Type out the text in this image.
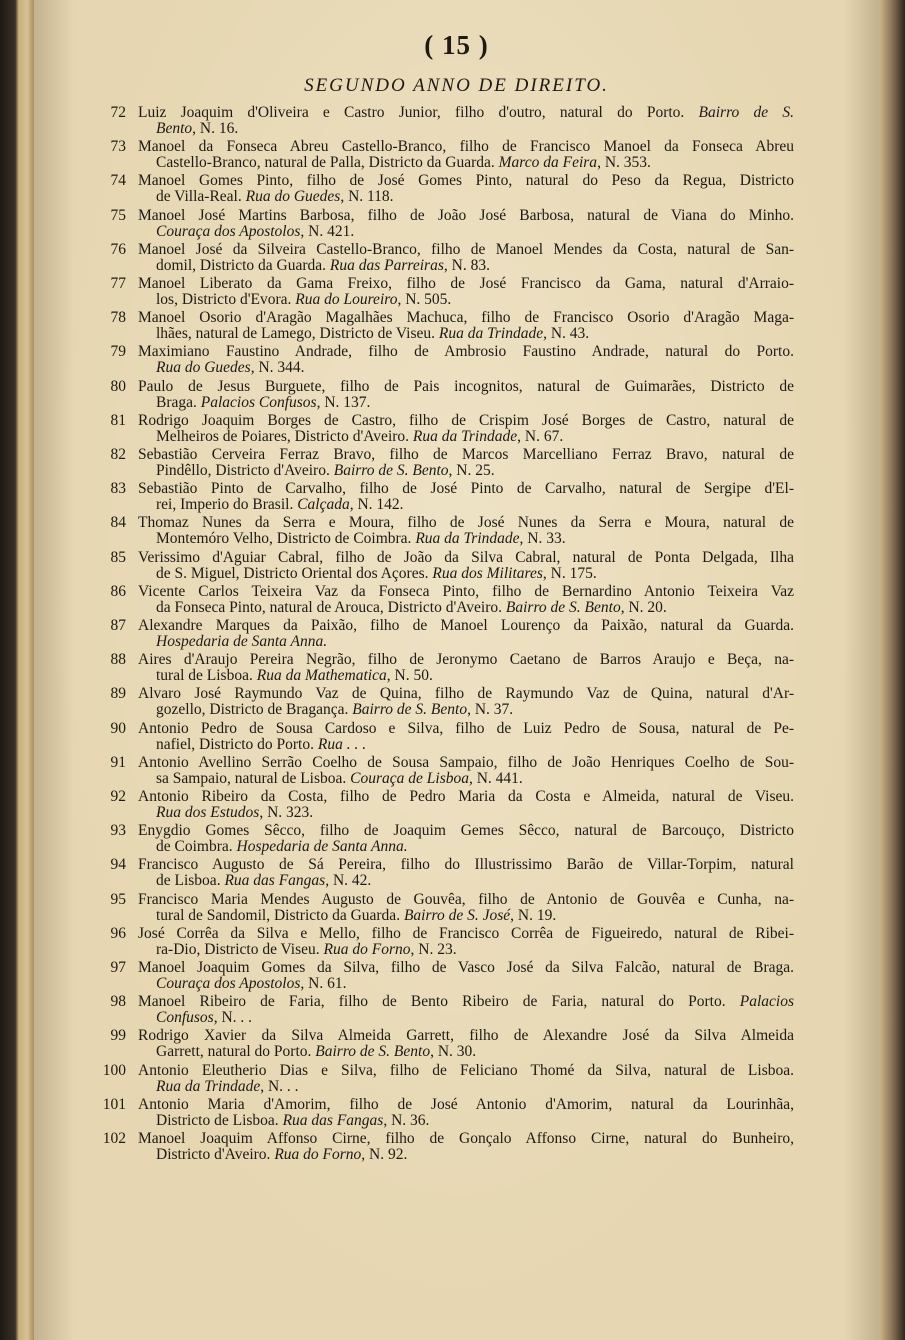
( 15 )
SEGUNDO ANNO DE DIREITO.
72 Luiz Joaquim d'Oliveira e Castro Junior, filho d'outro, natural do Porto. Bairro de S.
Bento, N. 16.
73 Manoel da Fonseca Abreu Castello-Branco, filho de Francisco Manoel da Fonseca Abreu
Castello-Branco, natural de Palla, Districto da Guarda. Marco da Feira, N. 353.
74 Manoel Gomes Pinto, filho de José Gomes Pinto, natural do Peso da Regua, Districto
de Villa-Real. Rua do Guedes, N. 118.
75 Manoel José Martins Barbosa, filho de João José Barbosa, natural de Viana do Minho.
Couraça dos Apostolos, N. 421.
76 Manoel José da Silveira Castello-Branco, filho de Manoel Mendes da Costa, natural de San-
domil, Districto da Guarda. Rua das Parreiras, N. 83.
77 Manoel Liberato da Gama Freixo, filho de José Francisco da Gama, natural d'Arraio-
los, Districto d'Evora. Rua do Loureiro, N. 505.
78 Manoel Osorio d'Aragão Magalhães Machuca, filho de Francisco Osorio d'Aragão Maga-
lhães, natural de Lamego, Districto de Viseu. Rua da Trindade, N. 43.
79 Maximiano Faustino Andrade, filho de Ambrosio Faustino Andrade, natural do Porto.
Rua do Guedes, N. 344.
80 Paulo de Jesus Burguete, filho de Pais incognitos, natural de Guimarães, Districto de
Braga. Palacios Confusos, N. 137.
81 Rodrigo Joaquim Borges de Castro, filho de Crispim José Borges de Castro, natural de
Melheiros de Poiares, Districto d'Aveiro. Rua da Trindade, N. 67.
82 Sebastião Cerveira Ferraz Bravo, filho de Marcos Marcelliano Ferraz Bravo, natural de
Pindêllo, Districto d'Aveiro. Bairro de S. Bento, N. 25.
83 Sebastião Pinto de Carvalho, filho de José Pinto de Carvalho, natural de Sergipe d'El-
rei, Imperio do Brasil. Calçada, N. 142.
84 Thomaz Nunes da Serra e Moura, filho de José Nunes da Serra e Moura, natural de
Montemóro Velho, Districto de Coimbra. Rua da Trindade, N. 33.
85 Verissimo d'Aguiar Cabral, filho de João da Silva Cabral, natural de Ponta Delgada, Ilha
de S. Miguel, Districto Oriental dos Açores. Rua dos Militares, N. 175.
86 Vicente Carlos Teixeira Vaz da Fonseca Pinto, filho de Bernardino Antonio Teixeira Vaz
da Fonseca Pinto, natural de Arouca, Districto d'Aveiro. Bairro de S. Bento, N. 20.
87 Alexandre Marques da Paixão, filho de Manoel Lourenço da Paixão, natural da Guarda.
Hospedaria de Santa Anna.
88 Aires d'Araujo Pereira Negrão, filho de Jeronymo Caetano de Barros Araujo e Beça, na-
tural de Lisboa. Rua da Mathematica, N. 50.
89 Alvaro José Raymundo Vaz de Quina, filho de Raymundo Vaz de Quina, natural d'Ar-
gozello, Districto de Bragança. Bairro de S. Bento, N. 37.
90 Antonio Pedro de Sousa Cardoso e Silva, filho de Luiz Pedro de Sousa, natural de Pe-
nafiel, Districto do Porto. Rua . . .
91 Antonio Avellino Serrão Coelho de Sousa Sampaio, filho de João Henriques Coelho de Sou-
sa Sampaio, natural de Lisboa. Couraça de Lisboa, N. 441.
92 Antonio Ribeiro da Costa, filho de Pedro Maria da Costa e Almeida, natural de Viseu.
Rua dos Estudos, N. 323.
93 Enygdio Gomes Sêcco, filho de Joaquim Gemes Sêcco, natural de Barcouço, Districto
de Coimbra. Hospedaria de Santa Anna.
94 Francisco Augusto de Sá Pereira, filho do Illustrissimo Barão de Villar-Torpim, natural
de Lisboa. Rua das Fangas, N. 42.
95 Francisco Maria Mendes Augusto de Gouvêa, filho de Antonio de Gouvêa e Cunha, na-
tural de Sandomil, Districto da Guarda. Bairro de S. José, N. 19.
96 José Corrêa da Silva e Mello, filho de Francisco Corrêa de Figueiredo, natural de Ribei-
ra-Dio, Districto de Viseu. Rua do Forno, N. 23.
97 Manoel Joaquim Gomes da Silva, filho de Vasco José da Silva Falcão, natural de Braga.
Couraça dos Apostolos, N. 61.
98 Manoel Ribeiro de Faria, filho de Bento Ribeiro de Faria, natural do Porto. Palacios
Confusos, N. . .
99 Rodrigo Xavier da Silva Almeida Garrett, filho de Alexandre José da Silva Almeida
Garrett, natural do Porto. Bairro de S. Bento, N. 30.
100 Antonio Eleutherio Dias e Silva, filho de Feliciano Thomé da Silva, natural de Lisboa.
Rua da Trindade, N. . .
101 Antonio Maria d'Amorim, filho de José Antonio d'Amorim, natural da Lourinhãa,
Districto de Lisboa. Rua das Fangas, N. 36.
102 Manoel Joaquim Affonso Cirne, filho de Gonçalo Affonso Cirne, natural do Bunheiro,
Districto d'Aveiro. Rua do Forno, N. 92.
